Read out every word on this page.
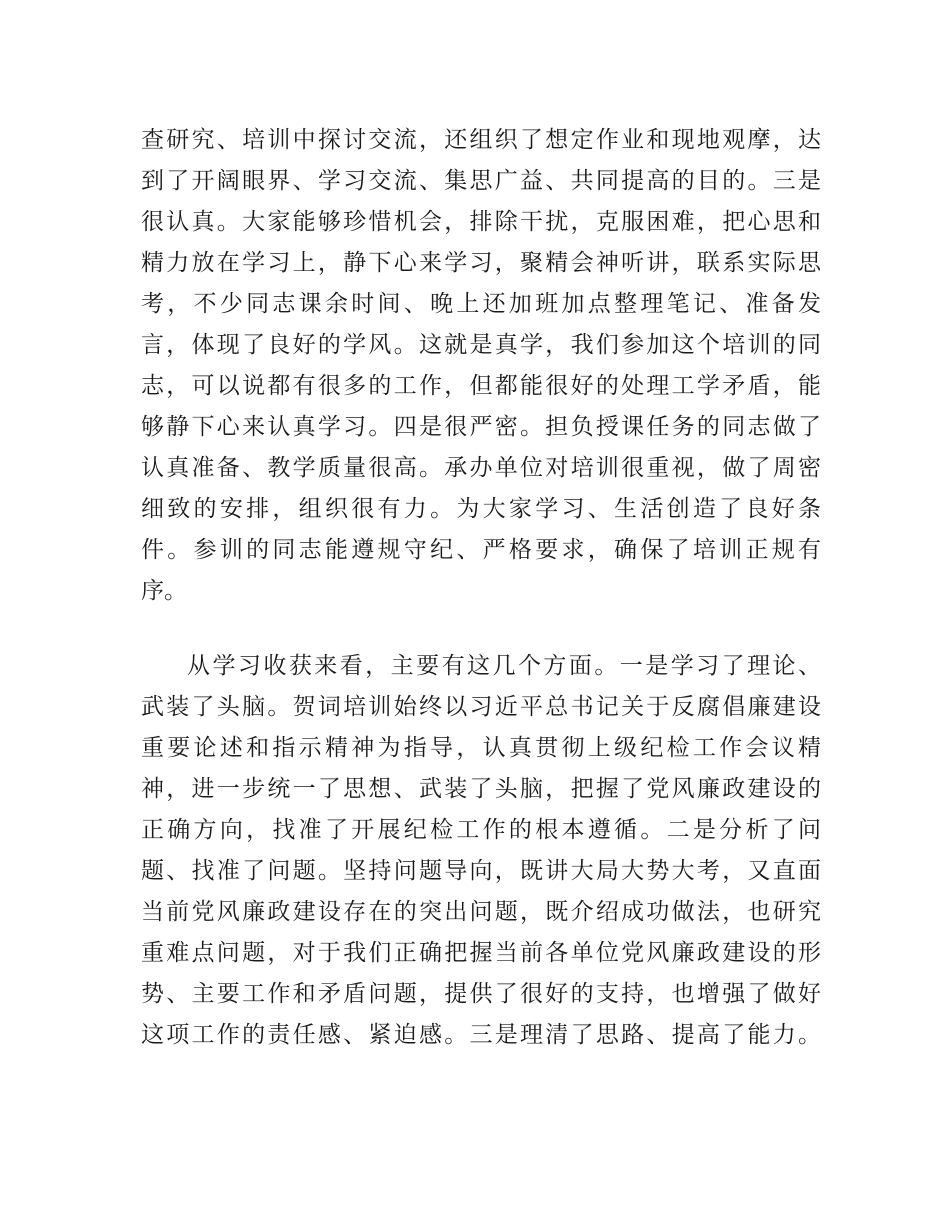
查研究、培训中探讨交流，还组织了想定作业和现地观摩，达
到了开阔眼界、学习交流、集思广益、共同提高的目的。三是
很认真。大家能够珍惜机会，排除干扰，克服困难，把心思和
精力放在学习上，静下心来学习，聚精会神听讲，联系实际思
考，不少同志课余时间、晚上还加班加点整理笔记、准备发
言，体现了良好的学风。这就是真学，我们参加这个培训的同
志，可以说都有很多的工作，但都能很好的处理工学矛盾，能
够静下心来认真学习。四是很严密。担负授课任务的同志做了
认真准备、教学质量很高。承办单位对培训很重视，做了周密
细致的安排，组织很有力。为大家学习、生活创造了良好条
件。参训的同志能遵规守纪、严格要求，确保了培训正规有
序。
从学习收获来看，主要有这几个方面。一是学习了理论、
武装了头脑。贺词培训始终以习近平总书记关于反腐倡廉建设
重要论述和指示精神为指导，认真贯彻上级纪检工作会议精
神，进一步统一了思想、武装了头脑，把握了党风廉政建设的
正确方向，找准了开展纪检工作的根本遵循。二是分析了问
题、找准了问题。坚持问题导向，既讲大局大势大考，又直面
当前党风廉政建设存在的突出问题，既介绍成功做法，也研究
重难点问题，对于我们正确把握当前各单位党风廉政建设的形
势、主要工作和矛盾问题，提供了很好的支持，也增强了做好
这项工作的责任感、紧迫感。三是理清了思路、提高了能力。
